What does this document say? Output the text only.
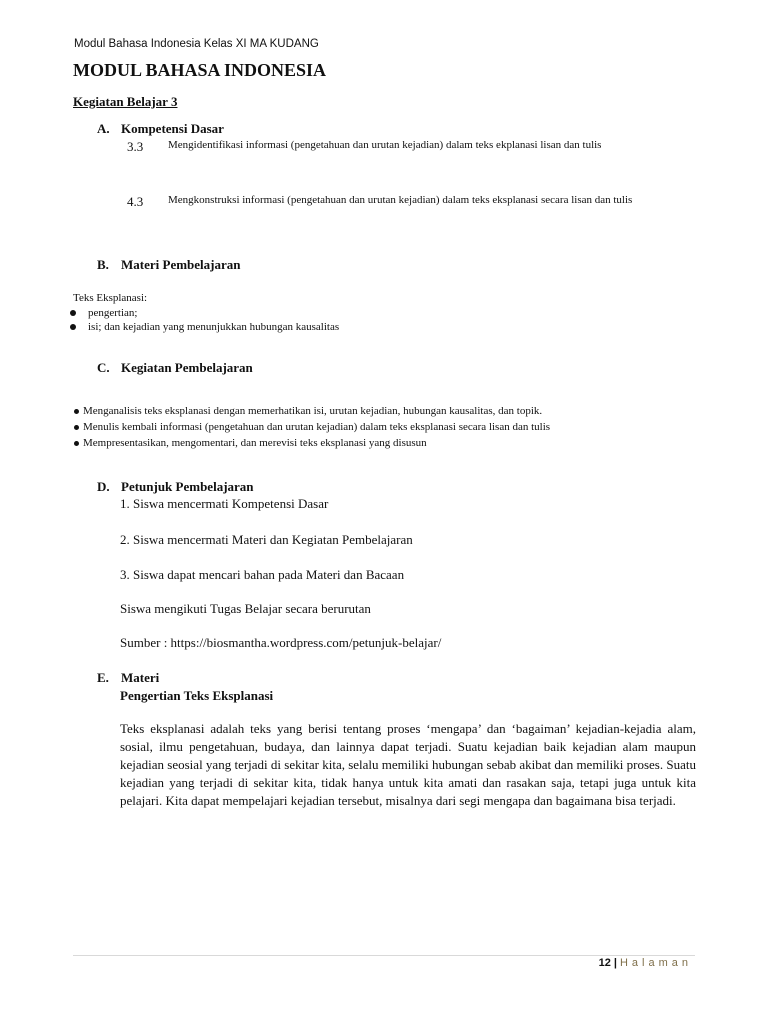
Modul Bahasa Indonesia Kelas XI MA KUDANG
MODUL BAHASA INDONESIA
Kegiatan Belajar 3
A. Kompetensi Dasar
3.3 Mengidentifikasi informasi (pengetahuan dan urutan kejadian) dalam teks ekplanasi lisan dan tulis
4.3 Mengkonstruksi informasi (pengetahuan dan urutan kejadian) dalam teks eksplanasi secara lisan dan tulis
B. Materi Pembelajaran
Teks Eksplanasi:
pengertian;
isi; dan kejadian yang menunjukkan hubungan kausalitas
C. Kegiatan Pembelajaran
Menganalisis teks eksplanasi dengan memerhatikan isi, urutan kejadian, hubungan kausalitas, dan topik.
Menulis kembali informasi (pengetahuan dan urutan kejadian) dalam teks eksplanasi secara lisan dan tulis
Mempresentasikan, mengomentari, dan merevisi teks eksplanasi yang disusun
D. Petunjuk Pembelajaran
1. Siswa mencermati Kompetensi Dasar
2. Siswa mencermati Materi dan Kegiatan Pembelajaran
3. Siswa dapat mencari bahan pada Materi dan Bacaan
Siswa mengikuti Tugas Belajar secara berurutan
Sumber : https://biosmantha.wordpress.com/petunjuk-belajar/
E. Materi
Pengertian Teks Eksplanasi
Teks eksplanasi adalah teks yang berisi tentang proses ‘mengapa’ dan ‘bagaiman’ kejadian-kejadia alam, sosial, ilmu pengetahuan, budaya, dan lainnya dapat terjadi. Suatu kejadian baik kejadian alam maupun kejadian seosial yang terjadi di sekitar kita, selalu memiliki hubungan sebab akibat dan memiliki proses. Suatu kejadian yang terjadi di sekitar kita, tidak hanya untuk kita amati dan rasakan saja, tetapi juga untuk kita pelajari. Kita dapat mempelajari kejadian tersebut, misalnya dari segi mengapa dan bagaimana bisa terjadi.
12 | Halaman
